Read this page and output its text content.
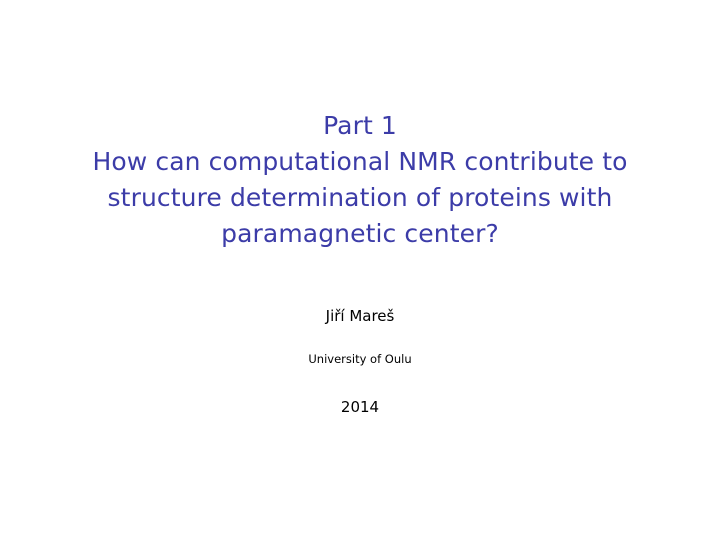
Part 1
How can computational NMR contribute to
structure determination of proteins with
paramagnetic center?
Jiří Mareš
University of Oulu
2014
